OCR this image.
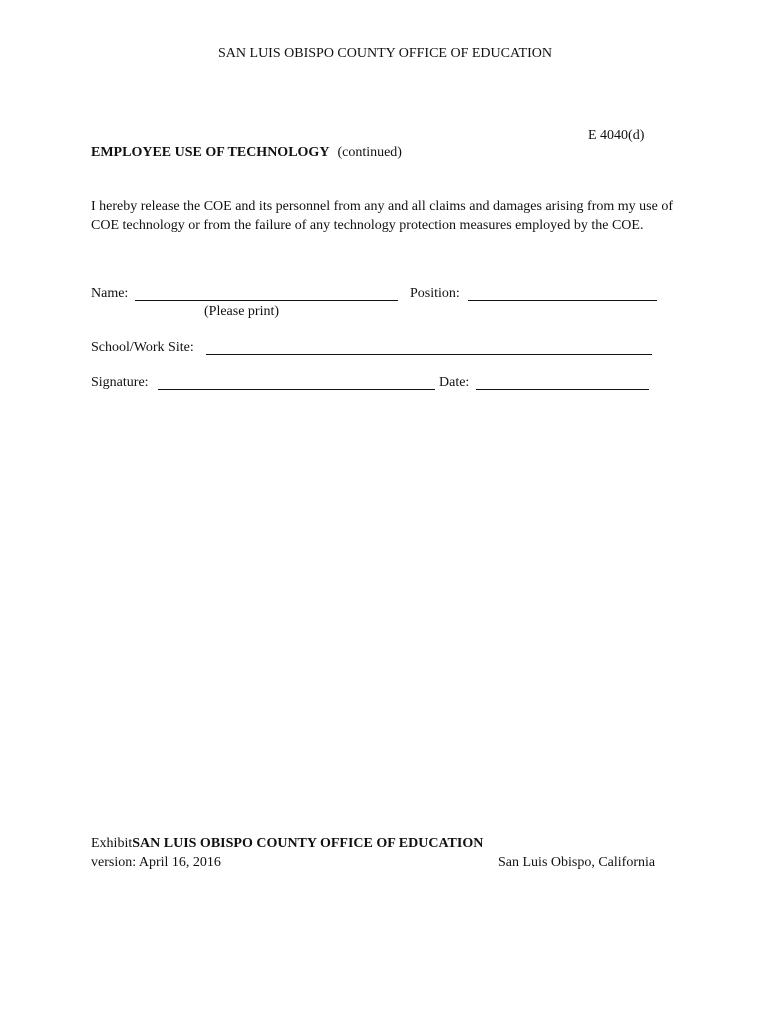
SAN LUIS OBISPO COUNTY OFFICE OF EDUCATION
E 4040(d)
EMPLOYEE USE OF TECHNOLOGY (continued)
I hereby release the COE and its personnel from any and all claims and damages arising from my use of COE technology or from the failure of any technology protection measures employed by the COE.
Name:	Position:
(Please print)
School/Work Site:
Signature:	Date:
ExhibitSAN LUIS OBISPO COUNTY OFFICE OF EDUCATION
version: April 16, 2016	San Luis Obispo, California
